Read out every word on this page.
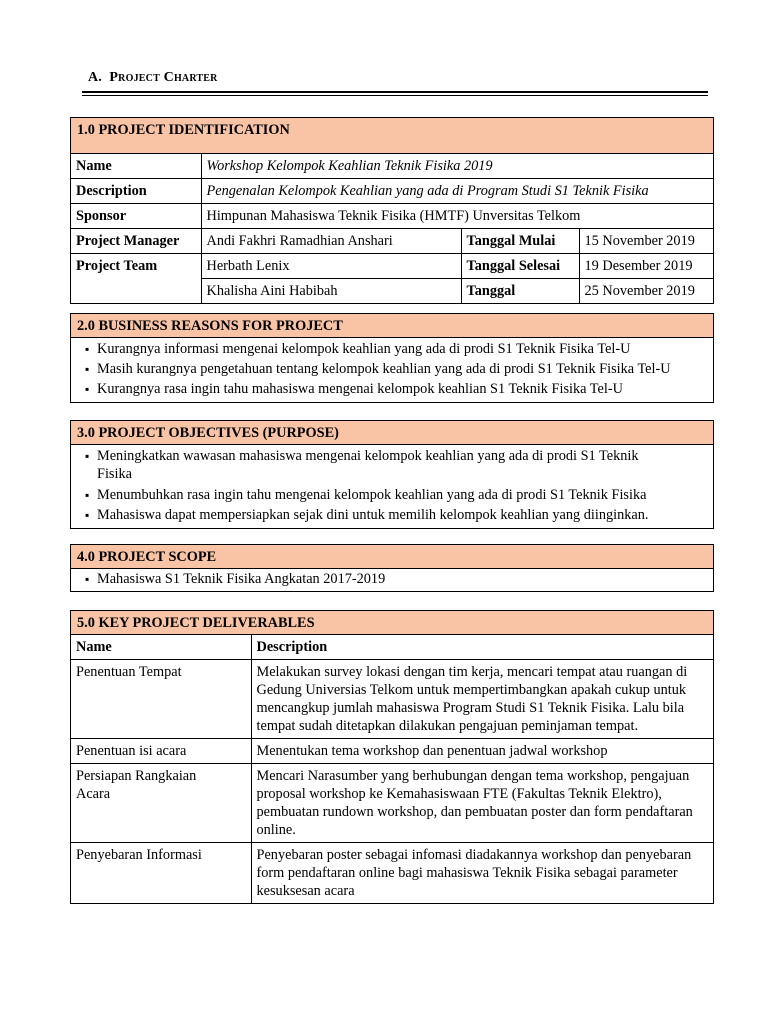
A. Project Charter
1.0 PROJECT IDENTIFICATION
Name	Workshop Kelompok Keahlian Teknik Fisika 2019		
Description	Pengenalan Kelompok Keahlian yang ada di Program Studi S1 Teknik Fisika		
Sponsor	Himpunan Mahasiswa Teknik Fisika (HMTF) Unversitas Telkom		
Project Manager	Andi Fakhri Ramadhian Anshari	Tanggal Mulai	15 November 2019
Project Team	Herbath Lenix	Tanggal Selesai	19 Desember 2019
	Khalisha Aini Habibah	Tanggal	25 November 2019
2.0 BUSINESS REASONS FOR PROJECT
▪ Kurangnya informasi mengenai kelompok keahlian yang ada di prodi S1 Teknik Fisika Tel-U
▪ Masih kurangnya pengetahuan tentang kelompok keahlian yang ada di prodi S1 Teknik Fisika Tel-U
▪ Kurangnya rasa ingin tahu mahasiswa mengenai kelompok keahlian S1 Teknik Fisika Tel-U
3.0 PROJECT OBJECTIVES (PURPOSE)
▪ Meningkatkan wawasan mahasiswa mengenai kelompok keahlian yang ada di prodi S1 Teknik Fisika
▪ Menumbuhkan rasa ingin tahu mengenai kelompok keahlian yang ada di prodi S1 Teknik Fisika
▪ Mahasiswa dapat mempersiapkan sejak dini untuk memilih kelompok keahlian yang diinginkan.
4.0 PROJECT SCOPE
▪ Mahasiswa S1 Teknik Fisika Angkatan 2017-2019
5.0 KEY PROJECT DELIVERABLES
Name	Description
Penentuan Tempat	Melakukan survey lokasi dengan tim kerja, mencari tempat atau ruangan di Gedung Universias Telkom untuk mempertimbangkan apakah cukup untuk mencangkup jumlah mahasiswa Program Studi S1 Teknik Fisika. Lalu bila tempat sudah ditetapkan dilakukan pengajuan peminjaman tempat.
Penentuan isi acara	Menentukan tema workshop dan penentuan jadwal workshop
Persiapan Rangkaian Acara	Mencari Narasumber yang berhubungan dengan tema workshop, pengajuan proposal workshop ke Kemahasiswaan FTE (Fakultas Teknik Elektro), pembuatan rundown workshop, dan pembuatan poster dan form pendaftaran online.
Penyebaran Informasi	Penyebaran poster sebagai infomasi diadakannya workshop dan penyebaran form pendaftaran online bagi mahasiswa Teknik Fisika sebagai parameter kesuksesan acara
